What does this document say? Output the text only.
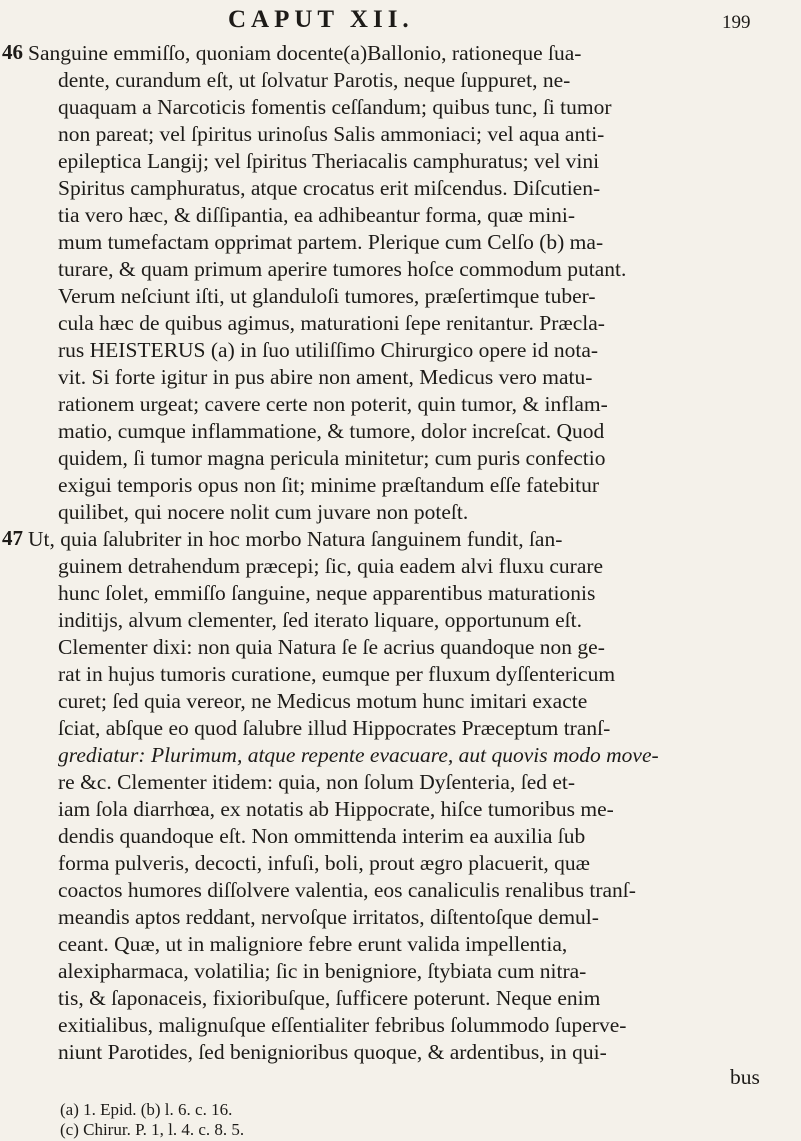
CAPUT XII.	199
46 Sanguine emmiſſo, quoniam docente(a)Ballonio, rationeque ſua-
dente, curandum eſt, ut ſolvatur Parotis, neque ſuppuret, ne-
quaquam a Narcoticis fomentis ceſſandum; quibus tunc, ſi tumor
non pareat; vel ſpiritus urinoſus Salis ammoniaci; vel aqua anti-
epileptica Langij; vel ſpiritus Theriacalis camphuratus; vel vini
Spiritus camphuratus, atque crocatus erit miſcendus. Diſcutien-
tia vero hæc, & diſſipantia, ea adhibeantur forma, quæ mini-
mum tumefactam opprimat partem. Plerique cum Celſo (b) ma-
turare, & quam primum aperire tumores hoſce commodum putant.
Verum neſciunt iſti, ut glanduloſi tumores, præſertimque tuber-
cula hæc de quibus agimus, maturationi ſepe renitantur. Præcla-
rus HEISTERUS (a) in ſuo utiliſſimo Chirurgico opere id nota-
vit. Si forte igitur in pus abire non ament, Medicus vero matu-
rationem urgeat; cavere certe non poterit, quin tumor, & inflam-
matio, cumque inflammatione, & tumore, dolor increſcat. Quod
quidem, ſi tumor magna pericula minitetur; cum puris confectio
exigui temporis opus non ſit; minime præſtandum eſſe fatebitur
quilibet, qui nocere nolit cum juvare non poteſt.
47 Ut, quia ſalubriter in hoc morbo Natura ſanguinem fundit, ſan-
guinem detrahendum præcepi; ſic, quia eadem alvi fluxu curare
hunc ſolet, emmiſſo ſanguine, neque apparentibus maturationis
inditijs, alvum clementer, ſed iterato liquare, opportunum eſt.
Clementer dixi: non quia Natura ſe ſe acrius quandoque non ge-
rat in hujus tumoris curatione, eumque per fluxum dyſſentericum
curet; ſed quia vereor, ne Medicus motum hunc imitari exacte
ſciat, abſque eo quod ſalubre illud Hippocrates Præceptum tranſ-
grediatur: Plurimum, atque repente evacuare, aut quovis modo move-
re &c. Clementer itidem: quia, non ſolum Dyſenteria, ſed et-
iam ſola diarrhœa, ex notatis ab Hippocrate, hiſce tumoribus me-
dendis quandoque eſt. Non ommittenda interim ea auxilia ſub
forma pulveris, decocti, infuſi, boli, prout ægro placuerit, quæ
coactos humores diſſolvere valentia, eos canaliculis renalibus tranſ-
meandis aptos reddant, nervoſque irritatos, diſtentoſque demul-
ceant. Quæ, ut in maligniore febre erunt valida impellentia,
alexipharmaca, volatilia; ſic in benigniore, ſtybiata cum nitra-
tis, & ſaponaceis, fixioribuſque, ſufficere poterunt. Neque enim
exitialibus, malignuſque eſſentialiter febribus ſolummodo ſuperve-
niunt Parotides, ſed benignioribus quoque, & ardentibus, in qui-
bus
(a) 1. Epid. (b) l. 6. c. 16.
(c) Chirur. P. 1, l. 4. c. 8. 5.
